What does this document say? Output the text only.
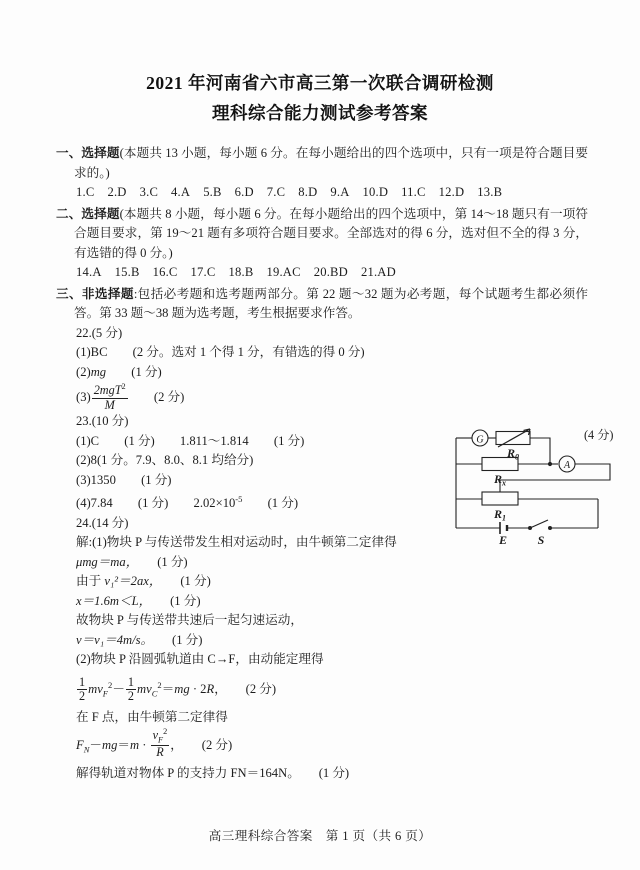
2021 年河南省六市高三第一次联合调研检测
理科综合能力测试参考答案

一、选择题(本题共 13 小题，每小题 6 分。在每小题给出的四个选项中，只有一项是符合题目要求的。)

1.C 2.D 3.C 4.A 5.B 6.D 7.C 8.D 9.A 10.D 11.C 12.D 13.B

二、选择题(本题共 8 小题，每小题 6 分。在每小题给出的四个选项中，第 14～18 题只有一项符合题目要求，第 19～21 题有多项符合题目要求。全部选对的得 6 分，选对但不全的得 3 分，有选错的得 0 分。)

14.A 15.B 16.C 17.C 18.B 19.AC 20.BD 21.AD

三、非选择题:包括必考题和选考题两部分。第 22 题～32 题为必考题，每个试题考生都必须作答。第 33 题～38 题为选考题，考生根据要求作答。

22.(5 分)

(1)BC　　 (2 分。选对 1 个得 1 分，有错选的得 0 分)

(2)mg　　 (1 分)

$(3) \frac{2mgT^2}{M}$
　　 (2 分)

23.(10 分)

(1)C　　 (1 分)　　 1.811～1.814　　 (1 分)

(2)8(1 分。7.9、8.0、8.1 均给分)

(3)1350　　 (1 分)

(4)7.84　　 (1 分)　　 $2.02\times 10^{-5}$　　 (1 分)

24.(14 分)

解:(1)物块 P 与传送带发生相对运动时，由牛顿第二定律得

μmg＝ma，　　 (1 分)

由于 v₁²＝2ax，　　 (1 分)

x＝1.6m＜L，　　 (1 分)

故物块 P 与传送带共速后一起匀速运动，

v＝v₁＝4m/s。　　 (1 分)

(2)物块 P 沿圆弧轨道由 C→F，由动能定理得

$\frac{1}{2} mv_F^2- \frac{1}{2} mv_C^2=mg \cdot 2R$，　　 (2 分)

在 F 点，由牛顿第二定律得

$F_N-mg=m \cdot \frac{v_F^2}{R}$ ，　　 (2 分)

解得轨道对物体 P 的支持力 FN＝164N。　　 (1 分)

(4 分)
G
A
$R_0$
$R_x$
$R_1$
E	S
高三理科综合答案　第 1 页（共 6 页）
